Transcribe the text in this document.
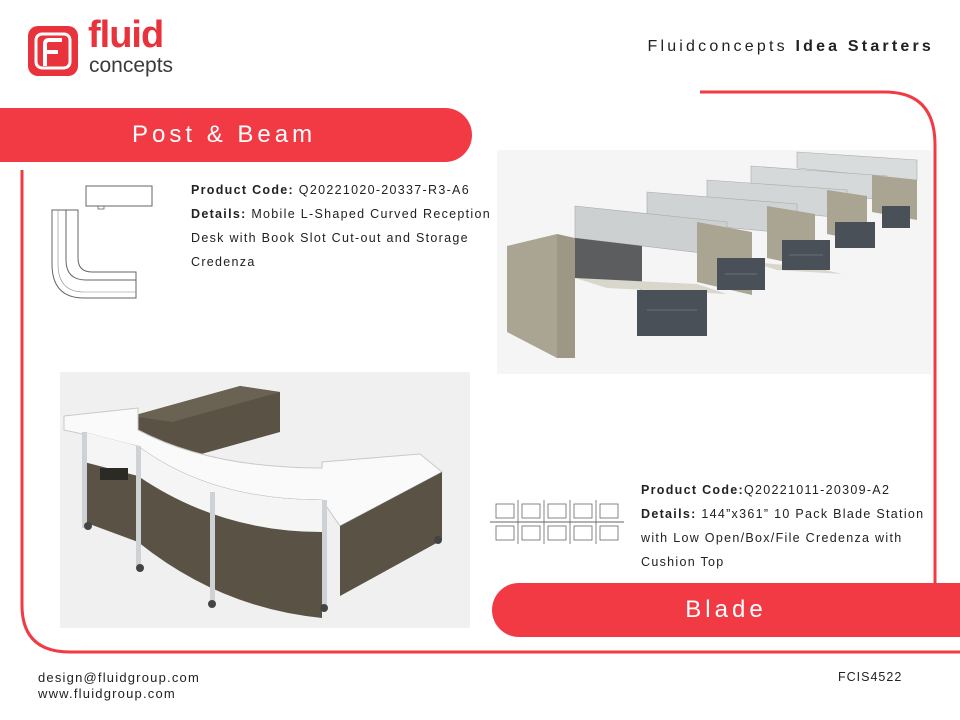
fluid
concepts
Fluidconcepts Idea Starters
Post & Beam
Product Code: Q20221020-20337-R3-A6
Details: Mobile L-Shaped Curved Reception Desk with Book Slot Cut-out and Storage Credenza
Product Code:Q20221011-20309-A2
Details: 144”x361” 10 Pack Blade Station with Low Open/Box/File Credenza with Cushion Top
Blade
design@fluidgroup.com
www.fluidgroup.com
FCIS4522
